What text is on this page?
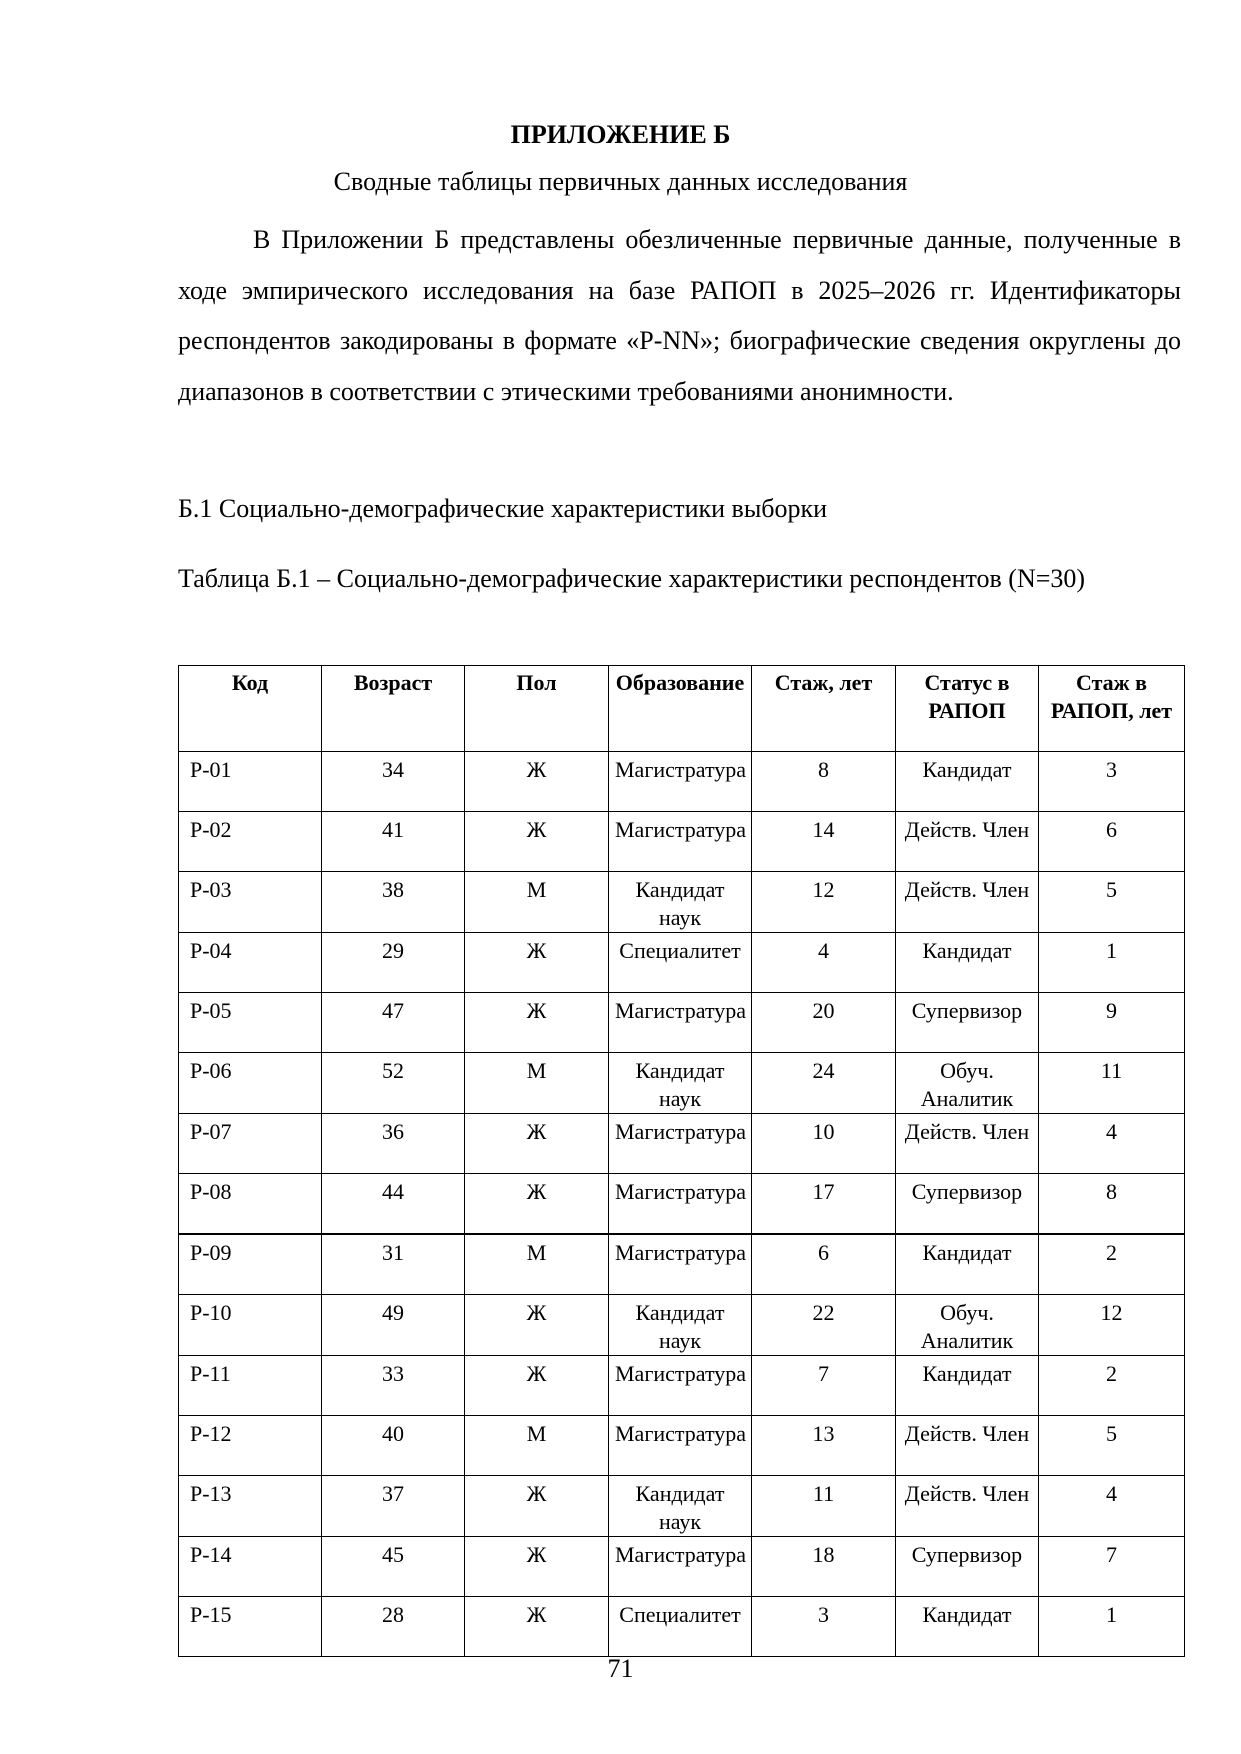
ПРИЛОЖЕНИЕ Б
Сводные таблицы первичных данных исследования

В Приложении Б представлены обезличенные первичные данные, полученные в ходе эмпирического исследования на базе РАПОП в 2025–2026 гг. Идентификаторы респондентов закодированы в формате «P-NN»; биографические сведения округлены до диапазонов в соответствии с этическими требованиями анонимности.

Б.1 Социально-демографические характеристики выборки

Таблица Б.1 – Социально-демографические характеристики респондентов (N=30)

Код	Возраст	Пол	Образование	Стаж, лет	Статус в РАПОП	Стаж в РАПОП, лет
P-01	34	Ж	Магистратура	8	Кандидат	3
P-02	41	Ж	Магистратура	14	Действ. Член	6
P-03	38	М	Кандидат наук	12	Действ. Член	5
P-04	29	Ж	Специалитет	4	Кандидат	1
P-05	47	Ж	Магистратура	20	Супервизор	9
P-06	52	М	Кандидат наук	24	Обуч. Аналитик	11
P-07	36	Ж	Магистратура	10	Действ. Член	4
P-08	44	Ж	Магистратура	17	Супервизор	8
P-09	31	М	Магистратура	6	Кандидат	2
P-10	49	Ж	Кандидат наук	22	Обуч. Аналитик	12
P-11	33	Ж	Магистратура	7	Кандидат	2
P-12	40	М	Магистратура	13	Действ. Член	5
P-13	37	Ж	Кандидат наук	11	Действ. Член	4
P-14	45	Ж	Магистратура	18	Супервизор	7
P-15	28	Ж	Специалитет	3	Кандидат	1
71
